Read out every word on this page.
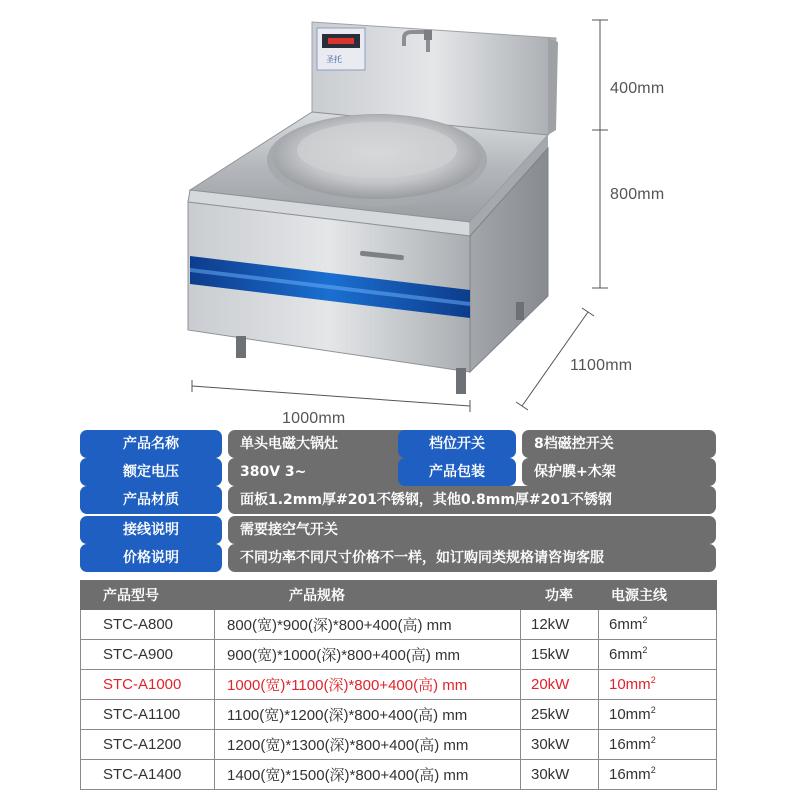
圣托
400mm
800mm
1100mm
1000mm
产品名称	单头电磁大锅灶	档位开关	8档磁控开关
额定电压	380V 3~	产品包装	保护膜+木架
产品材质	面板1.2mm厚#201不锈钢，其他0.8mm厚#201不锈钢
接线说明	需要接空气开关
价格说明	不同功率不同尺寸价格不一样，如订购同类规格请咨询客服
产品型号	产品规格	功率	电源主线
STC-A800	800(宽)*900(深)*800+400(高) mm	12kW	$6mm^2$
STC-A900	900(宽)*1000(深)*800+400(高) mm	15kW	$6mm^2$
STC-A1000	1000(宽)*1100(深)*800+400(高) mm	20kW	$10mm^2$
STC-A1100	1100(宽)*1200(深)*800+400(高) mm	25kW	$10mm^2$
STC-A1200	1200(宽)*1300(深)*800+400(高) mm	30kW	$16mm^2$
STC-A1400	1400(宽)*1500(深)*800+400(高) mm	30kW	$16mm^2$
